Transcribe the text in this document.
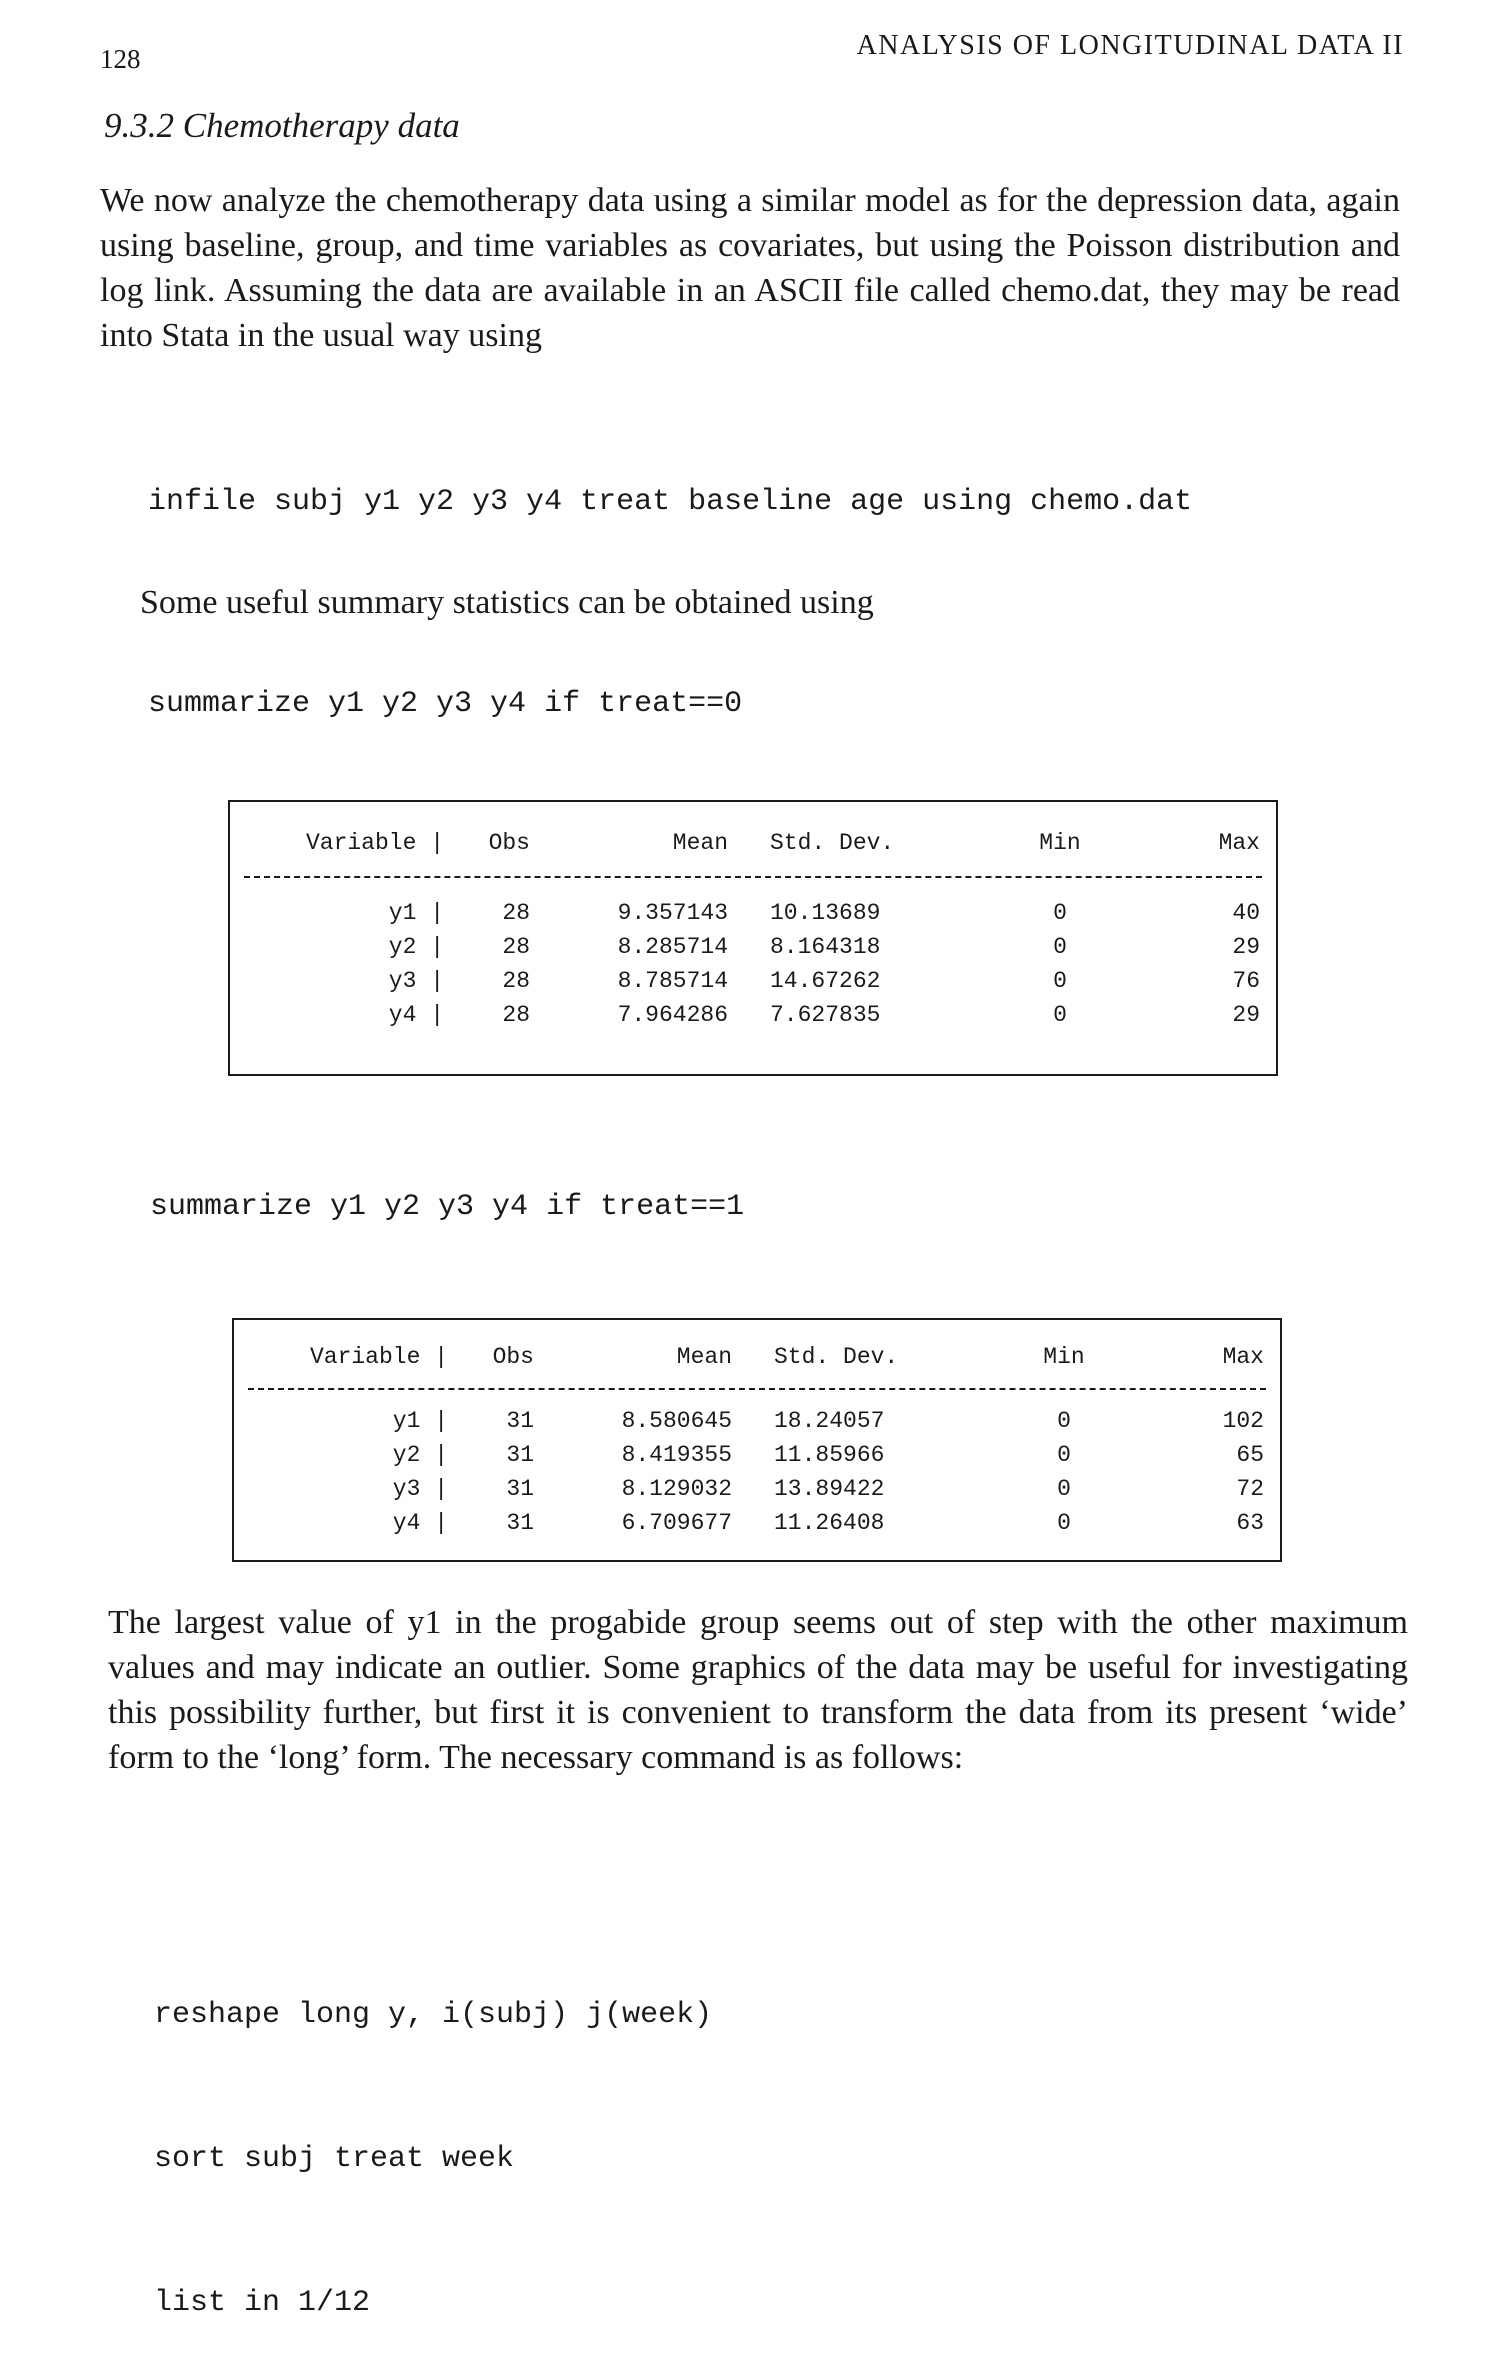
128	ANALYSIS OF LONGITUDINAL DATA II
9.3.2 Chemotherapy data
We now analyze the chemotherapy data using a similar model as for the depression data, again using baseline, group, and time variables as covariates, but using the Poisson distribution and log link. Assuming the data are available in an ASCII file called chemo.dat, they may be read into Stata in the usual way using
infile subj y1 y2 y3 y4 treat baseline age using chemo.dat
Some useful summary statistics can be obtained using
summarize y1 y2 y3 y4 if treat==0
Variable |	Obs	Mean Std. Dev.	Min	Max
y1 |	28	9.357143 10.13689	0	40
y2 |	28	8.285714 8.164318	0	29
y3 |	28	8.785714 14.67262	0	76
y4 |	28	7.964286 7.627835	0	29
summarize y1 y2 y3 y4 if treat==1
Variable |	Obs	Mean Std. Dev.	Min	Max
y1 |	31	8.580645 18.24057	0	102
y2 |	31	8.419355 11.85966	0	65
y3 |	31	8.129032 13.89422	0	72
y4 |	31	6.709677 11.26408	0	63
The largest value of y1 in the progabide group seems out of step with the other maximum values and may indicate an outlier. Some graphics of the data may be useful for investigating this possibility further, but first it is convenient to transform the data from its present ‘wide’ form to the ‘long’ form. The necessary command is as follows:

reshape long y, i(subj) j(week)

sort subj treat week

list in 1/12
